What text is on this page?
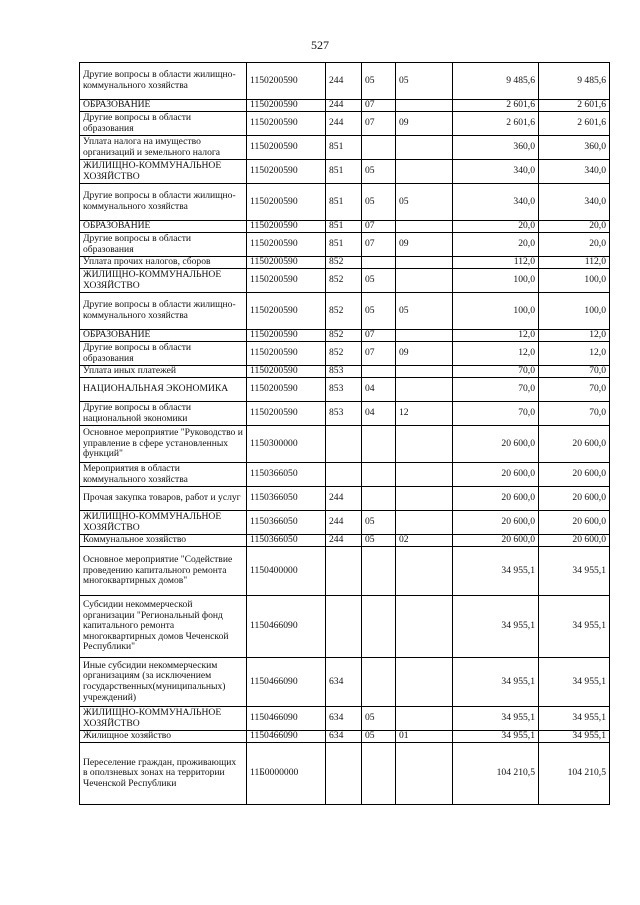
527
Другие вопросы в области жилищно-коммунального хозяйства	1150200590	244	05	05	9 485,6	9 485,6
ОБРАЗОВАНИЕ	1150200590	244	07		2 601,6	2 601,6
Другие вопросы в области образования	1150200590	244	07	09	2 601,6	2 601,6
Уплата налога на имущество организаций и земельного налога	1150200590	851			360,0	360,0
ЖИЛИЩНО-КОММУНАЛЬНОЕ ХОЗЯЙСТВО	1150200590	851	05		340,0	340,0
Другие вопросы в области жилищно-коммунального хозяйства	1150200590	851	05	05	340,0	340,0
ОБРАЗОВАНИЕ	1150200590	851	07		20,0	20,0
Другие вопросы в области образования	1150200590	851	07	09	20,0	20,0
Уплата прочих налогов, сборов	1150200590	852			112,0	112,0
ЖИЛИЩНО-КОММУНАЛЬНОЕ ХОЗЯЙСТВО	1150200590	852	05		100,0	100,0
Другие вопросы в области жилищно-коммунального хозяйства	1150200590	852	05	05	100,0	100,0
ОБРАЗОВАНИЕ	1150200590	852	07		12,0	12,0
Другие вопросы в области образования	1150200590	852	07	09	12,0	12,0
Уплата иных платежей	1150200590	853			70,0	70,0
НАЦИОНАЛЬНАЯ ЭКОНОМИКА	1150200590	853	04		70,0	70,0
Другие вопросы в области национальной экономики	1150200590	853	04	12	70,0	70,0
Основное мероприятие "Руководство и управление в сфере установленных функций"	1150300000				20 600,0	20 600,0
Мероприятия в области коммунального хозяйства	1150366050				20 600,0	20 600,0
Прочая закупка товаров, работ и услуг	1150366050	244			20 600,0	20 600,0
ЖИЛИЩНО-КОММУНАЛЬНОЕ ХОЗЯЙСТВО	1150366050	244	05		20 600,0	20 600,0
Коммунальное хозяйство	1150366050	244	05	02	20 600,0	20 600,0
Основное мероприятие "Содействие проведению капитального ремонта многоквартирных домов"	1150400000				34 955,1	34 955,1
Субсидии некоммерческой организации "Региональный фонд капитального ремонта многоквартирных домов Чеченской Республики"	1150466090				34 955,1	34 955,1
Иные субсидии некоммерческим организациям (за исключением государственных(муниципальных) учреждений)	1150466090	634			34 955,1	34 955,1
ЖИЛИЩНО-КОММУНАЛЬНОЕ ХОЗЯЙСТВО	1150466090	634	05		34 955,1	34 955,1
Жилищное хозяйство	1150466090	634	05	01	34 955,1	34 955,1
Переселение граждан, проживающих в оползневых зонах на территории Чеченской Республики	11Б0000000				104 210,5	104 210,5
